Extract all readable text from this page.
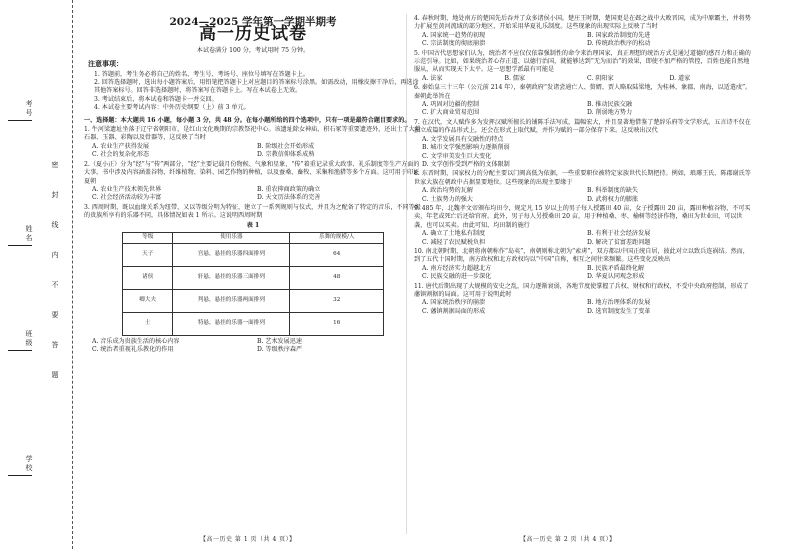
考号
姓名
班级
学校
密
封
线
内
不
要
答
题
2024—2025 学年第一学期半期考
高一历史试卷
本试卷满分 100 分，考试用时 75 分钟。
注意事项：
1. 答题前，考生务必将自己的姓名、考生号、考场号、座位号填写在答题卡上。
2. 回答选择题时，选出每小题答案后，用铅笔把答题卡上对应题目的答案标号涂黑。如需改动，用橡皮擦干净后，再选涂其他答案标号。回答非选择题时，将答案写在答题卡上。写在本试卷上无效。
3. 考试结束后，将本试卷和答题卡一并交回。
4. 本试卷主要考试内容：中外历史纲要（上）前 3 单元。
一、选择题：本大题共 16 小题，每小题 3 分，共 48 分。在每小题所给的四个选项中，只有一项是最符合题目要求的。
1. 牛河梁遗址坐落于辽宁省朝阳市，是红山文化晚期的宗教祭祀中心。该遗址除女神庙、积石冢等重要遗迹外，还出土了大量石器、玉器、彩陶以及骨器等，这反映了当时
A. 农业生产获得发展	B. 阶级社会开始形成
C. 社会的复杂化形态	D. 宗教信仰体系成熟
2.（夏小正）分为“经”与“传”两部分，“经”主要记载月份物候、气象和星象，“传”着重记录重大政事、礼乐制度等生产方面的大事。书中涉及内容涵盖谷物、纤维植物、染料、园艺作物的种植，以及蚕桑、畜牧、采集和渔猎等多个方面。这可用于印证夏朝
A. 农业生产技术领先世界	B. 重农抑商政策的确立
C. 社会经济活动较为丰富	D. 天文历法体系的完善
3. 西周时期，既以血缘关系为纽带，又以等级分明为特征，建立了一系列规则与仪式，并且为之配备了特定的音乐，不同等级的贵族所享有的乐器不同，具体情况如表 1 所示。这说明西周时期
表 1
等级	使用乐器	乐舞的规模/人
天子	宫悬，悬挂的乐器四面排列	64
诸侯	轩悬，悬挂的乐器三面排列	48
卿大夫	判悬，悬挂的乐器两面排列	32
士	特悬，悬挂的乐器一面排列	16
A. 音乐成为贵族生活的核心内容	B. 艺术发展迅速
C. 统治者重视礼乐教化的作用	D. 等级秩序森严
4. 春秋时期，地处南方的楚国先后吞并了众多诸侯小国。楚庄王时期，楚国更是在邲之战中大败晋国，成为中原霸主，并将势力扩展至黄河流域的部分地区，开始采用华夏礼乐制度。这些现象的出现实际上反映了当时
A. 国家统一趋势的初现	B. 国家政治制度的先进
C. 宗法制度的彻底崩溃	D. 传统政治秩序的松动
5. 中国古代思想家们认为，统治者不应仅仅依靠强制性的命令来治理国家，真正理想的统治方式是通过道德的感召力和正确的示范引导。比如，如果统治者心存正道、以德行治国，就能够达到“无为而治”的效果，即使不加严格的管控，百姓也能自然地服从，从而实现天下太平。这一思想学派最有可能是
A. 法家	B. 儒家	C. 阴阳家	D. 道家
6. 秦始皇三十三年（公元前 214 年），秦朝政府“发诸尝逋亡人、赘婿、贾人略取陆梁地，为桂林、象郡、南海，以适遣戍”。秦朝此举旨在
A. 巩固对边疆的控制	B. 推动民族交融
C. 扩大商业贸易范围	D. 削弱地方势力
7. 在汉代，文人赋作多为发挥汉赋所擅长的铺陈手法写成，篇幅宏大，并且显著地借鉴了楚辞乐府等文学形式。五言诗不仅在独立成篇的作品形式上，还会在形式上取代赋，并作为赋的一部分保存下来。这反映出汉代
A. 文学发展具有交融性的特点
B. 城市文学强烈影响力逐渐削弱
C. 文学审美发生巨大变化
D. 文学创作受到严格的文体限制
8. 东晋时期，国家权力的分配主要以门阀高低为依据，一些重要职位被特定家族世代长期把持。例如，琅琊王氏、陈郡谢氏等世家大族在朝政中占据显要地位。这些现象的出现主要缘于
A. 政治均势的瓦解	B. 科举制度的缺失
C. 土族势力的强大	D. 武将权力的膨胀
9. 485 年，北魏孝文帝颁布均田令，规定凡 15 岁以上的男子每人授露田 40 亩，女子授露田 20 亩，露田种植谷物，不可买卖，年老或死亡后还给官府。此外，男子每人另授桑田 20 亩，用于种植桑、枣、榆树等经济作物，桑田为世业田，可以世袭，也可以买卖。由此可知，均田制的施行
A. 确立了土地私有制度	B. 有利于社会经济发展
C. 减轻了农民赋税负担	D. 解决了贫富差距问题
10. 南北朝时期，北朝将南朝称作“岛夷”，南朝则称北朝为“索虏”，双方都以中国正统自居，彼此对立以致兵连祸结。然而，到了五代十国时期，南方政权和北方政权均以“中国”自称，相互之间往来频繁。这些变化反映出
A. 南方经济实力超越北方	B. 民族矛盾最终化解
C. 民族交融的进一步深化	D. 华夏认同观念形成
11. 唐代后期出现了大规模的安史之乱，国力逐渐衰弱，各地节度使掌握了兵权、财权和行政权，不受中央政府控制，形成了藩镇割据的局面。这可用于说明此时
A. 国家统治秩序的崩溃	B. 地方治理体系的发展
C. 藩镇割据局面的形成	D. 选官制度发生了变革
【高一历史 第 1 页（共 4 页）】	【高一历史 第 2 页（共 4 页）】
